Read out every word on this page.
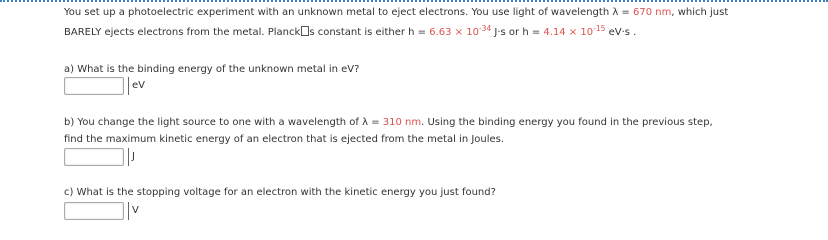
You set up a photoelectric experiment with an unknown metal to eject electrons. You use light of wavelength λ = 670 nm, which just
BARELY ejects electrons from the metal. Planck s constant is either $h = 6.63 \times 10^{-34}$ J·s or $h = 4.14 \times 10^{-15}$ eV·s .
a) What is the binding energy of the unknown metal in eV?
eV
b) You change the light source to one with a wavelength of λ = 310 nm. Using the binding energy you found in the previous step,
find the maximum kinetic energy of an electron that is ejected from the metal in Joules.
J
c) What is the stopping voltage for an electron with the kinetic energy you just found?
V
